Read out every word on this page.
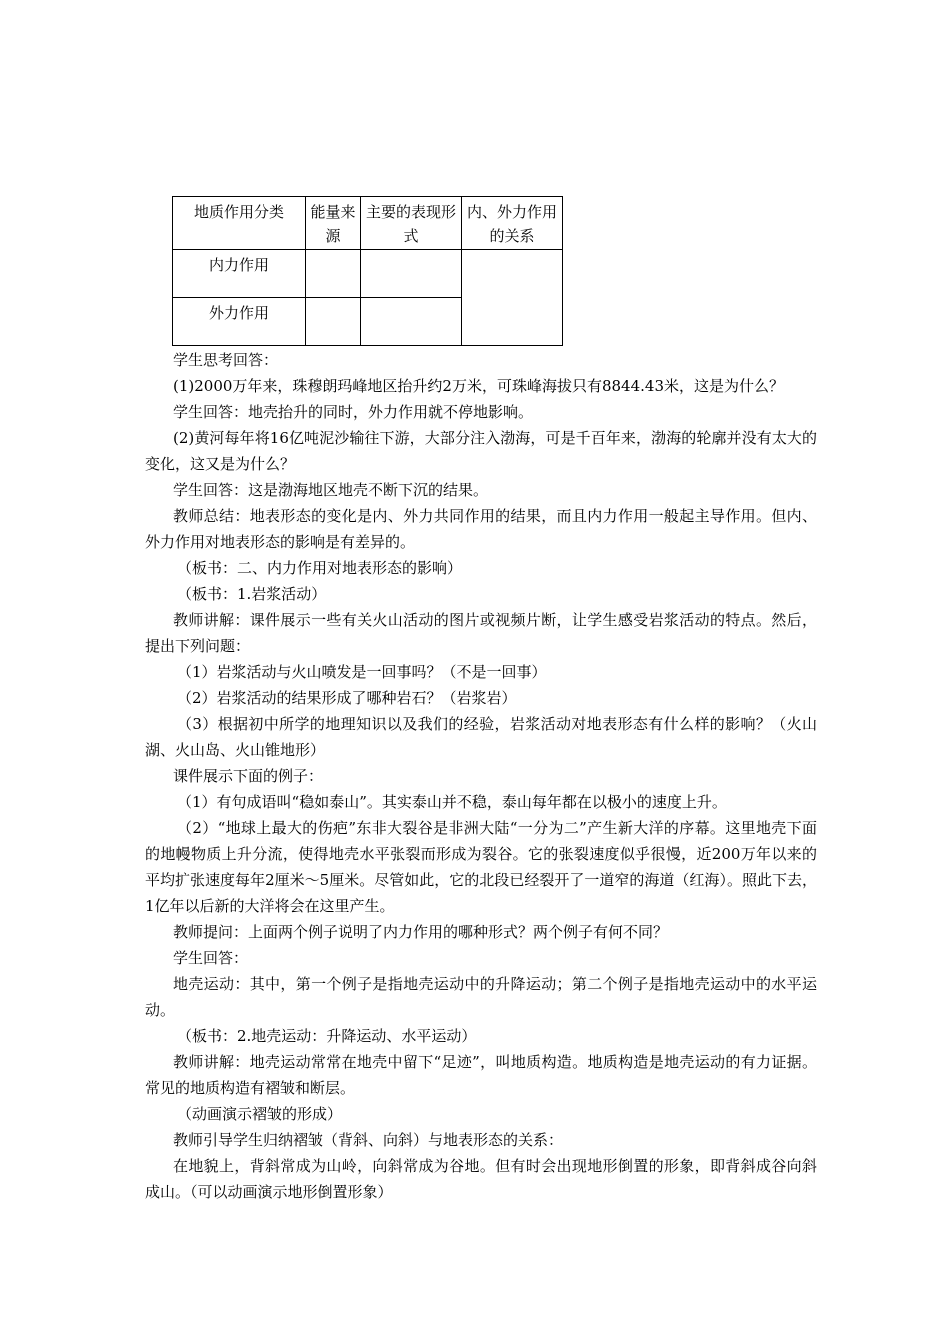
地质作用分类	能量来源	主要的表现形式	内、外力作用的关系
内力作用			
外力作用			

学生思考回答：

(1)2000万年来，珠穆朗玛峰地区抬升约2万米，可珠峰海拔只有8844.43米，这是为什么？

学生回答：地壳抬升的同时，外力作用就不停地影响。

(2)黄河每年将16亿吨泥沙输往下游，大部分注入渤海，可是千百年来，渤海的轮廓并没有太大的变化，这又是为什么？

学生回答：这是渤海地区地壳不断下沉的结果。

教师总结：地表形态的变化是内、外力共同作用的结果，而且内力作用一般起主导作用。但内、外力作用对地表形态的影响是有差异的。

（板书：二、内力作用对地表形态的影响）

（板书：1.岩浆活动）

教师讲解：课件展示一些有关火山活动的图片或视频片断，让学生感受岩浆活动的特点。然后，提出下列问题：

（1）岩浆活动与火山喷发是一回事吗？（不是一回事）

（2）岩浆活动的结果形成了哪种岩石？（岩浆岩）

（3）根据初中所学的地理知识以及我们的经验，岩浆活动对地表形态有什么样的影响？（火山湖、火山岛、火山锥地形）

课件展示下面的例子：

（1）有句成语叫“稳如泰山”。其实泰山并不稳，泰山每年都在以极小的速度上升。

（2）“地球上最大的伤疤”东非大裂谷是非洲大陆“一分为二”产生新大洋的序幕。这里地壳下面的地幔物质上升分流，使得地壳水平张裂而形成为裂谷。它的张裂速度似乎很慢，近200万年以来的平均扩张速度每年2厘米～5厘米。尽管如此，它的北段已经裂开了一道窄的海道（红海）。照此下去，1亿年以后新的大洋将会在这里产生。

教师提问：上面两个例子说明了内力作用的哪种形式？两个例子有何不同？

学生回答：

地壳运动：其中，第一个例子是指地壳运动中的升降运动；第二个例子是指地壳运动中的水平运动。

（板书：2.地壳运动：升降运动、水平运动）

教师讲解：地壳运动常常在地壳中留下“足迹”，叫地质构造。地质构造是地壳运动的有力证据。常见的地质构造有褶皱和断层。

（动画演示褶皱的形成）

教师引导学生归纳褶皱（背斜、向斜）与地表形态的关系：

在地貌上，背斜常成为山岭，向斜常成为谷地。但有时会出现地形倒置的形象，即背斜成谷向斜成山。（可以动画演示地形倒置形象）
